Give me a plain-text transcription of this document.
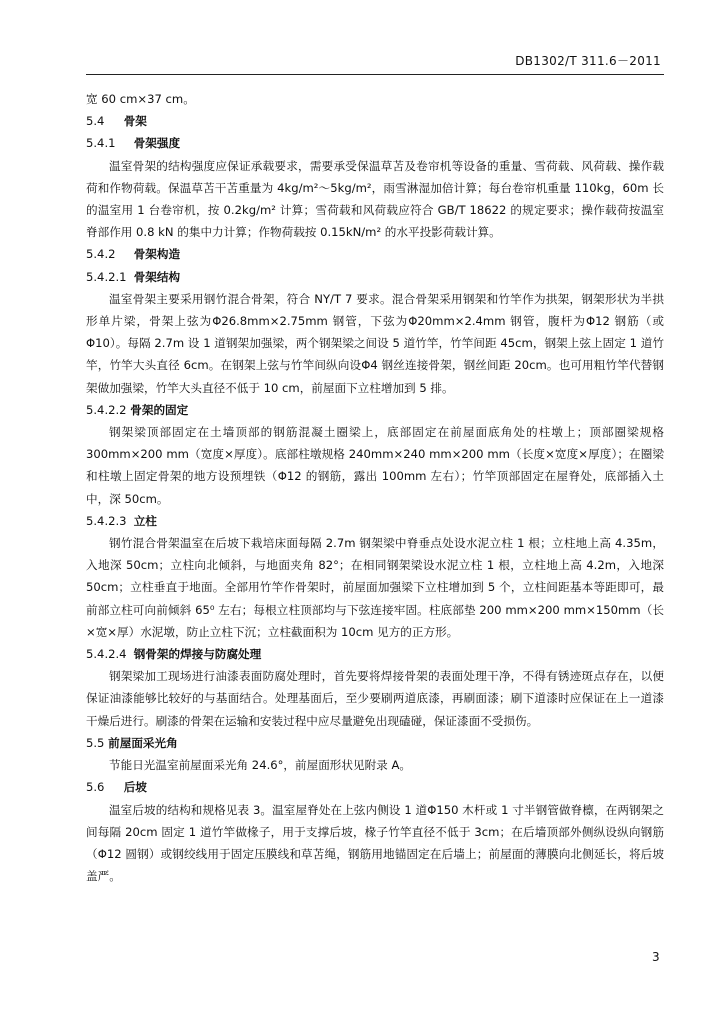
DB1302/T 311.6－2011

宽 60 cm×37 cm。

5.4 骨架

5.4.1 骨架强度

温室骨架的结构强度应保证承载要求，需要承受保温草苫及卷帘机等设备的重量、雪荷载、风荷载、操作载荷和作物荷载。保温草苫干苫重量为 4kg/m²～5kg/m²，雨雪淋湿加倍计算；每台卷帘机重量 110kg，60m 长的温室用 1 台卷帘机，按 0.2kg/m² 计算；雪荷载和风荷载应符合 GB/T 18622 的规定要求；操作载荷按温室脊部作用 0.8 kN 的集中力计算；作物荷载按 0.15kN/m² 的水平投影荷载计算。

5.4.2 骨架构造

5.4.2.1 骨架结构

温室骨架主要采用钢竹混合骨架，符合 NY/T 7 要求。混合骨架采用钢架和竹竿作为拱架，钢架形状为半拱形单片梁，骨架上弦为Φ26.8mm×2.75mm 钢管，下弦为Φ20mm×2.4mm 钢管，腹杆为Φ12 钢筋（或Φ10）。每隔 2.7m 设 1 道钢架加强梁，两个钢架梁之间设 5 道竹竿，竹竿间距 45cm，钢架上弦上固定 1 道竹竿，竹竿大头直径 6cm。在钢架上弦与竹竿间纵向设Φ4 钢丝连接骨架，钢丝间距 20cm。也可用粗竹竿代替钢架做加强梁，竹竿大头直径不低于 10 cm，前屋面下立柱增加到 5 排。

5.4.2.2 骨架的固定

钢架梁顶部固定在土墙顶部的钢筋混凝土圈梁上，底部固定在前屋面底角处的柱墩上；顶部圈梁规格 300mm×200 mm（宽度×厚度）。底部柱墩规格 240mm×240 mm×200 mm（长度×宽度×厚度）；在圈梁和柱墩上固定骨架的地方设预埋铁（Φ12 的钢筋，露出 100mm 左右）；竹竿顶部固定在屋脊处，底部插入土中，深 50cm。

5.4.2.3 立柱

钢竹混合骨架温室在后坡下栽培床面每隔 2.7m 钢架梁中脊垂点处设水泥立柱 1 根；立柱地上高 4.35m，入地深 50cm；立柱向北倾斜，与地面夹角 82°；在相同钢架梁设水泥立柱 1 根，立柱地上高 4.2m，入地深 50cm；立柱垂直于地面。全部用竹竿作骨架时，前屋面加强梁下立柱增加到 5 个，立柱间距基本等距即可，最前部立柱可向前倾斜 65⁰ 左右；每根立柱顶部均与下弦连接牢固。柱底部垫 200 mm×200 mm×150mm（长×宽×厚）水泥墩，防止立柱下沉；立柱截面积为 10cm 见方的正方形。

5.4.2.4 钢骨架的焊接与防腐处理

钢架梁加工现场进行油漆表面防腐处理时，首先要将焊接骨架的表面处理干净，不得有锈迹斑点存在，以便保证油漆能够比较好的与基面结合。处理基面后，至少要刷两道底漆，再刷面漆；刷下道漆时应保证在上一道漆干燥后进行。刷漆的骨架在运输和安装过程中应尽量避免出现磕碰，保证漆面不受损伤。

5.5 前屋面采光角

节能日光温室前屋面采光角 24.6°，前屋面形状见附录 A。

5.6 后坡

温室后坡的结构和规格见表 3。温室屋脊处在上弦内侧设 1 道Φ150 木杆或 1 寸半钢管做脊檩，在两钢架之间每隔 20cm 固定 1 道竹竿做椽子，用于支撑后坡，椽子竹竿直径不低于 3cm；在后墙顶部外侧纵设纵向钢筋（Φ12 圆钢）或钢绞线用于固定压膜线和草苫绳，钢筋用地锚固定在后墙上；前屋面的薄膜向北侧延长，将后坡盖严。

3
